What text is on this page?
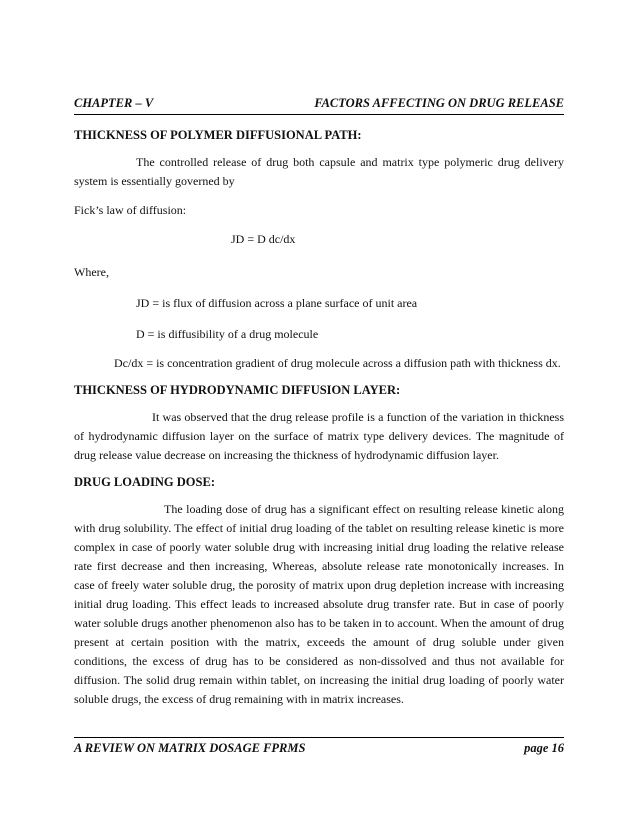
CHAPTER – V	FACTORS AFFECTING ON DRUG RELEASE

THICKNESS OF POLYMER DIFFUSIONAL PATH:

The controlled release of drug both capsule and matrix type polymeric drug delivery system is essentially governed by

Fick’s law of diffusion:

JD = D dc/dx

Where,

JD = is flux of diffusion across a plane surface of unit area

D = is diffusibility of a drug molecule

Dc/dx = is concentration gradient of drug molecule across a diffusion path with thickness dx.

THICKNESS OF HYDRODYNAMIC DIFFUSION LAYER:

It was observed that the drug release profile is a function of the variation in thickness of hydrodynamic diffusion layer on the surface of matrix type delivery devices. The magnitude of drug release value decrease on increasing the thickness of hydrodynamic diffusion layer.

DRUG LOADING DOSE:

The loading dose of drug has a significant effect on resulting release kinetic along with drug solubility. The effect of initial drug loading of the tablet on resulting release kinetic is more complex in case of poorly water soluble drug with increasing initial drug loading the relative release rate first decrease and then increasing, Whereas, absolute release rate monotonically increases. In case of freely water soluble drug, the porosity of matrix upon drug depletion increase with increasing initial drug loading. This effect leads to increased absolute drug transfer rate. But in case of poorly water soluble drugs another phenomenon also has to be taken in to account. When the amount of drug present at certain position with the matrix, exceeds the amount of drug soluble under given conditions, the excess of drug has to be considered as non-dissolved and thus not available for diffusion. The solid drug remain within tablet, on increasing the initial drug loading of poorly water soluble drugs, the excess of drug remaining with in matrix increases.

A REVIEW ON MATRIX DOSAGE FPRMS	page 16
